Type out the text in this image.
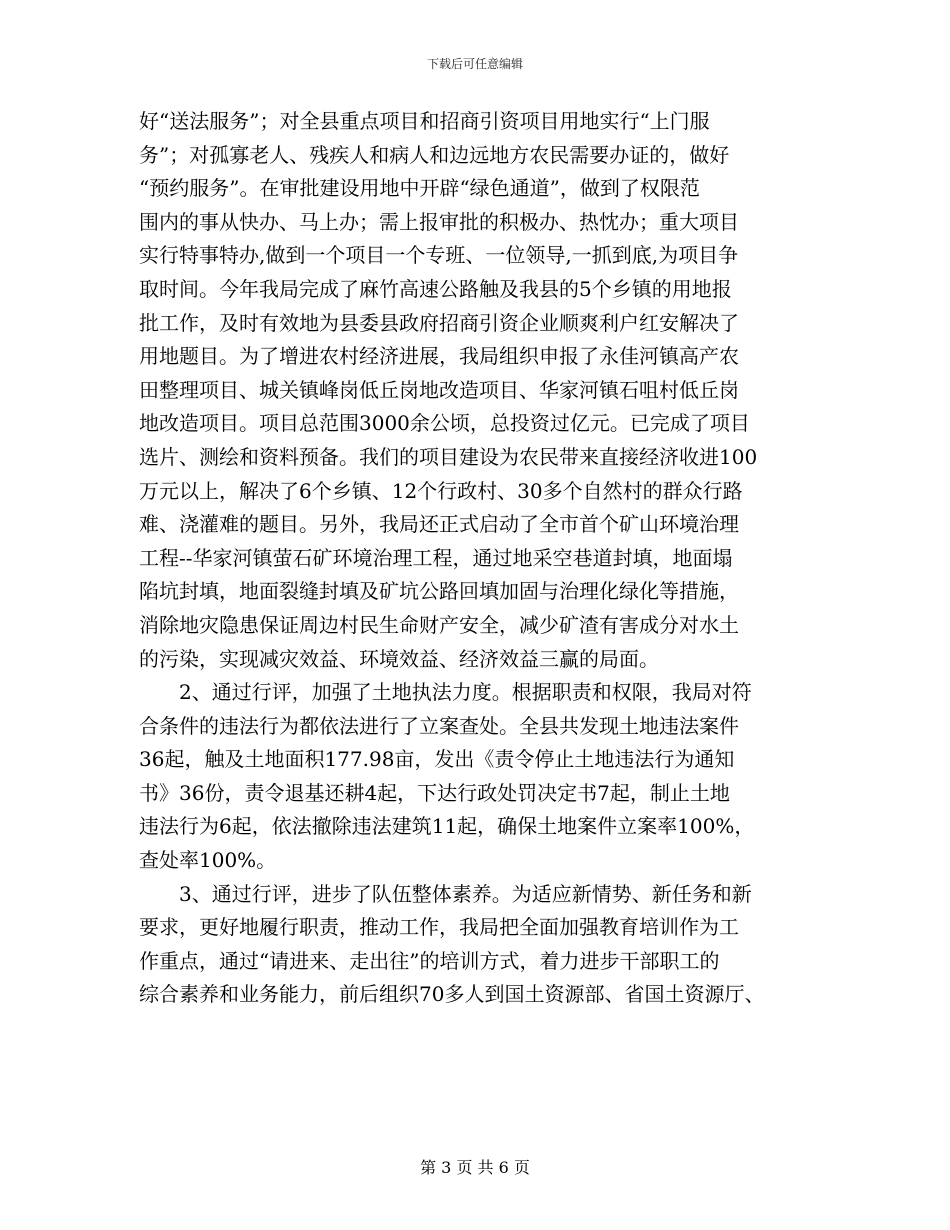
下载后可任意编辑

好“送法服务”；对全县重点项目和招商引资项目用地实行“上门服
务”；对孤寡老人、残疾人和病人和边远地方农民需要办证的，做好
“预约服务”。在审批建设用地中开辟“绿色通道”，做到了权限范
围内的事从快办、马上办；需上报审批的积极办、热忱办；重大项目
实行特事特办,做到一个项目一个专班、一位领导,一抓到底,为项目争
取时间。今年我局完成了麻竹高速公路触及我县的5个乡镇的用地报
批工作，及时有效地为县委县政府招商引资企业顺爽利户红安解决了
用地题目。为了增进农村经济进展，我局组织申报了永佳河镇高产农
田整理项目、城关镇峰岗低丘岗地改造项目、华家河镇石咀村低丘岗
地改造项目。项目总范围3000余公顷，总投资过亿元。已完成了项目
选片、测绘和资料预备。我们的项目建设为农民带来直接经济收进100
万元以上，解决了6个乡镇、12个行政村、30多个自然村的群众行路
难、浇灌难的题目。另外，我局还正式启动了全市首个矿山环境治理
工程--华家河镇萤石矿环境治理工程，通过地采空巷道封填，地面塌
陷坑封填，地面裂缝封填及矿坑公路回填加固与治理化绿化等措施，
消除地灾隐患保证周边村民生命财产安全，减少矿渣有害成分对水土
的污染，实现减灾效益、环境效益、经济效益三赢的局面。

2、通过行评，加强了土地执法力度。根据职责和权限，我局对符
合条件的违法行为都依法进行了立案查处。全县共发现土地违法案件
36起，触及土地面积177.98亩，发出《责令停止土地违法行为通知
书》36份，责令退基还耕4起，下达行政处罚决定书7起，制止土地
违法行为6起，依法撤除违法建筑11起，确保土地案件立案率100%，
查处率100%。

3、通过行评，进步了队伍整体素养。为适应新情势、新任务和新
要求，更好地履行职责，推动工作，我局把全面加强教育培训作为工
作重点，通过“请进来、走出往”的培训方式，着力进步干部职工的
综合素养和业务能力，前后组织70多人到国土资源部、省国土资源厅、

第 3 页 共 6 页
